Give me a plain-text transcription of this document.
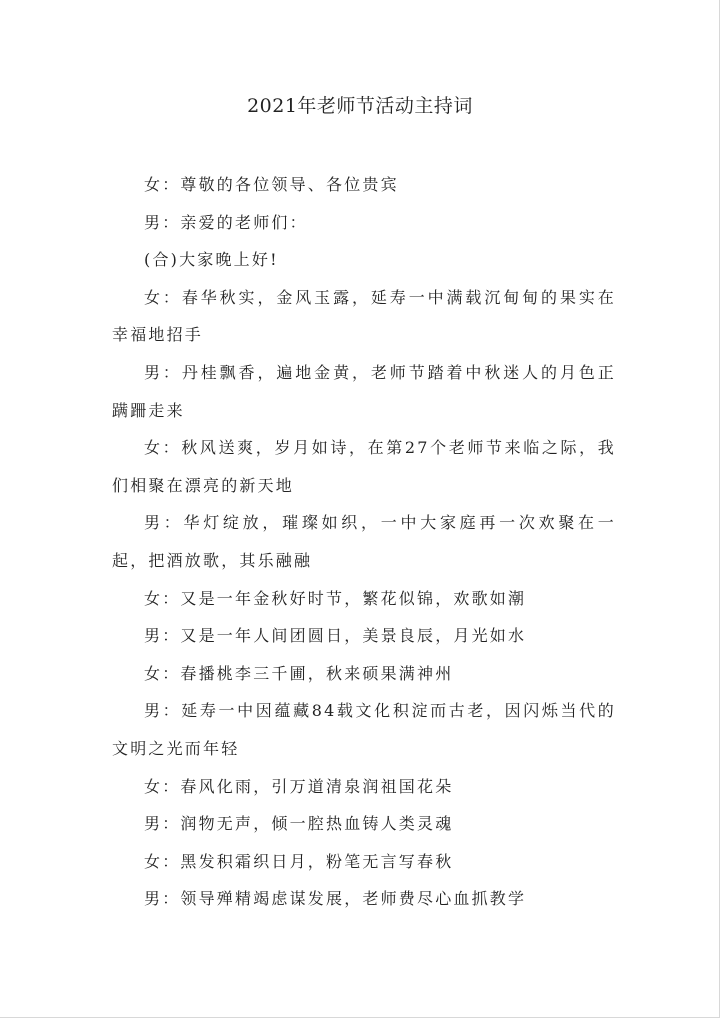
2021年老师节活动主持词

女：尊敬的各位领导、各位贵宾

男：亲爱的老师们：

(合)大家晚上好!

女：春华秋实，金风玉露，延寿一中满载沉甸甸的果实在幸福地招手

男：丹桂飘香，遍地金黄，老师节踏着中秋迷人的月色正蹒跚走来

女：秋风送爽，岁月如诗，在第27个老师节来临之际，我们相聚在漂亮的新天地

男：华灯绽放，璀璨如织，一中大家庭再一次欢聚在一起，把酒放歌，其乐融融

女：又是一年金秋好时节，繁花似锦，欢歌如潮

男：又是一年人间团圆日，美景良辰，月光如水

女：春播桃李三千圃，秋来硕果满神州

男：延寿一中因蕴藏84载文化积淀而古老，因闪烁当代的文明之光而年轻

女：春风化雨，引万道清泉润祖国花朵

男：润物无声，倾一腔热血铸人类灵魂

女：黑发积霜织日月，粉笔无言写春秋

男：领导殚精竭虑谋发展，老师费尽心血抓教学
